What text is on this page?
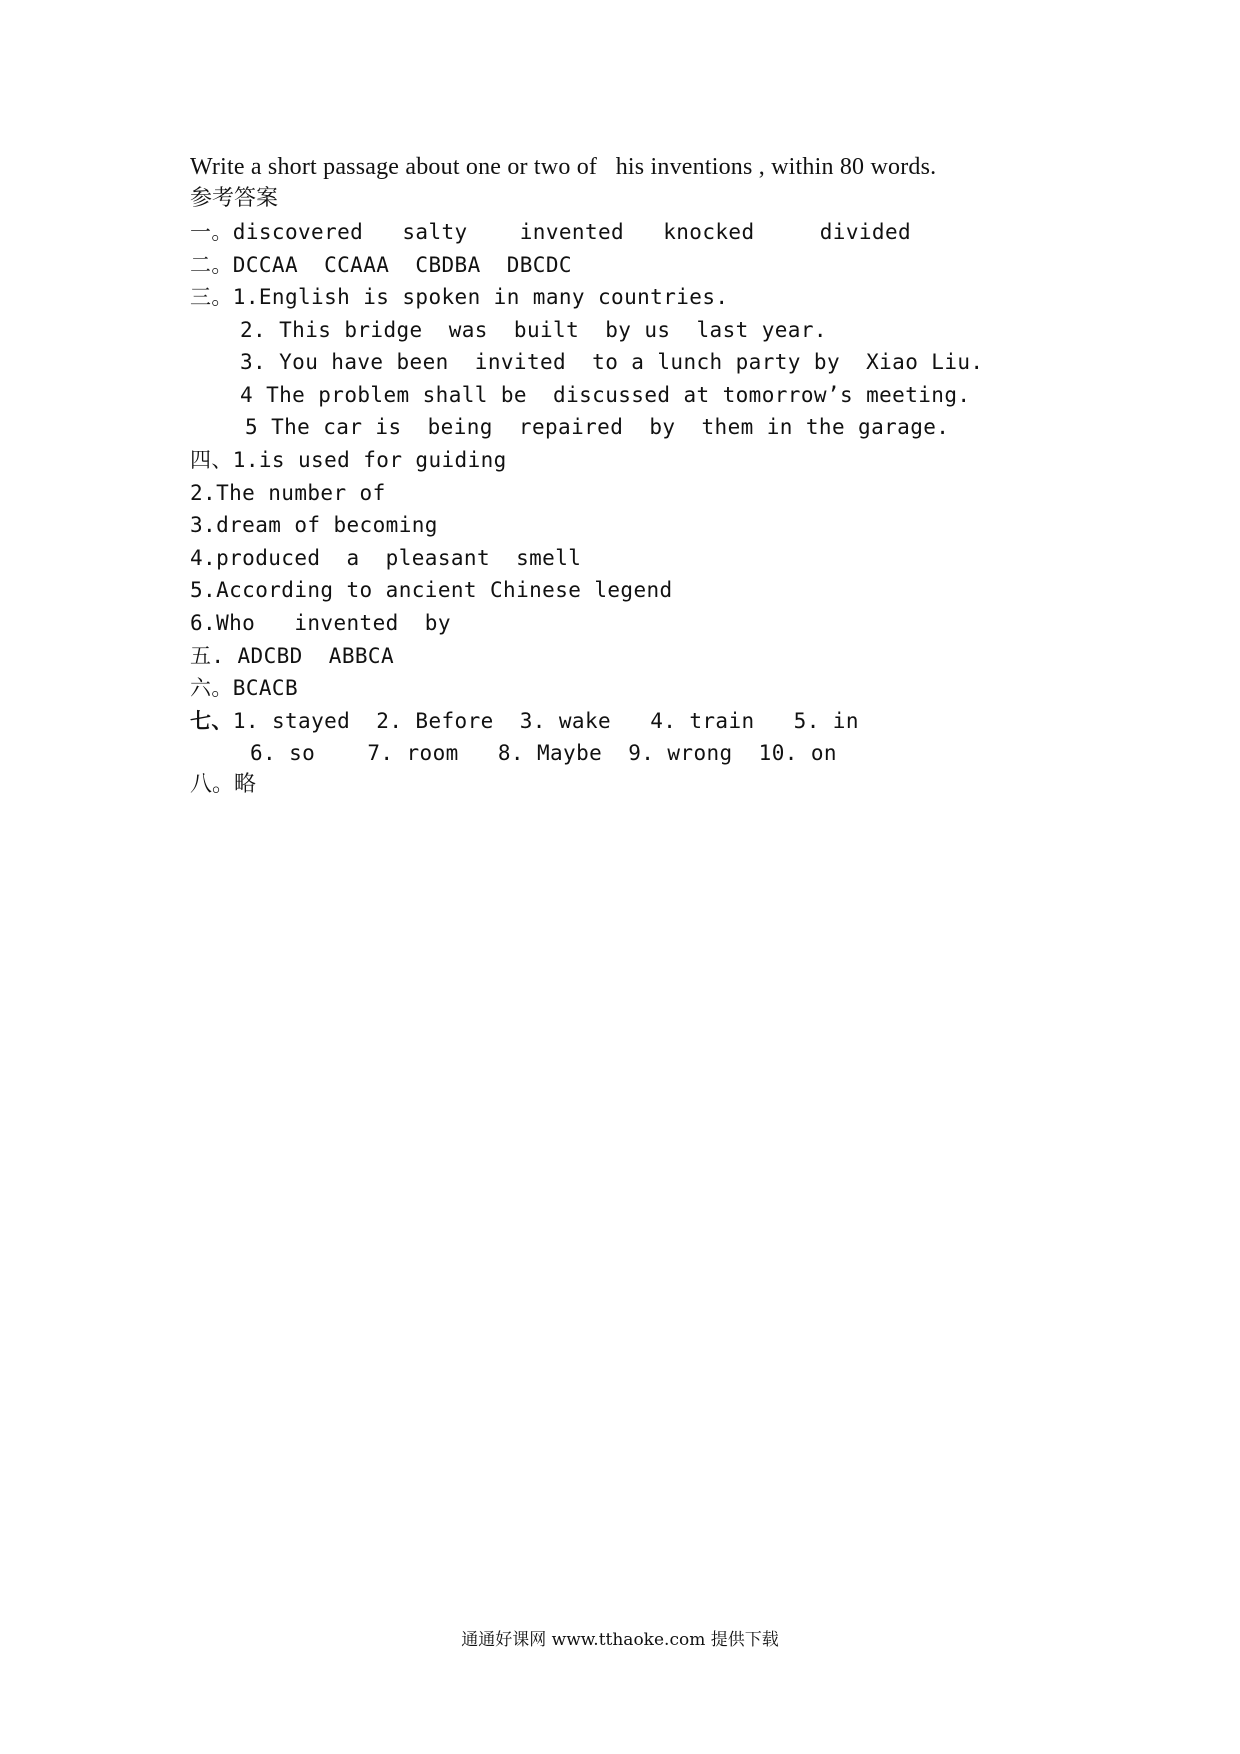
Write a short passage about one or two of   his inventions , within 80 words.
参考答案
一。discovered   salty    invented   knocked     divided
二。DCCAA  CCAAA  CBDBA  DBCDC
三。1.English is spoken in many countries.
2. This bridge  was  built  by us  last year.
3. You have been  invited  to a lunch party by  Xiao Liu.
4 The problem shall be  discussed at tomorrow’s meeting.
5 The car is  being  repaired  by  them in the garage.
四、1.is used for guiding
2.The number of
3.dream of becoming
4.produced  a  pleasant  smell
5.According to ancient Chinese legend
6.Who   invented  by
五. ADCBD  ABBCA
六。BCACB
七、1. stayed  2. Before  3. wake   4. train   5. in
6. so    7. room   8. Maybe  9. wrong  10. on
八。略
通通好课网 www.tthaoke.com 提供下载
